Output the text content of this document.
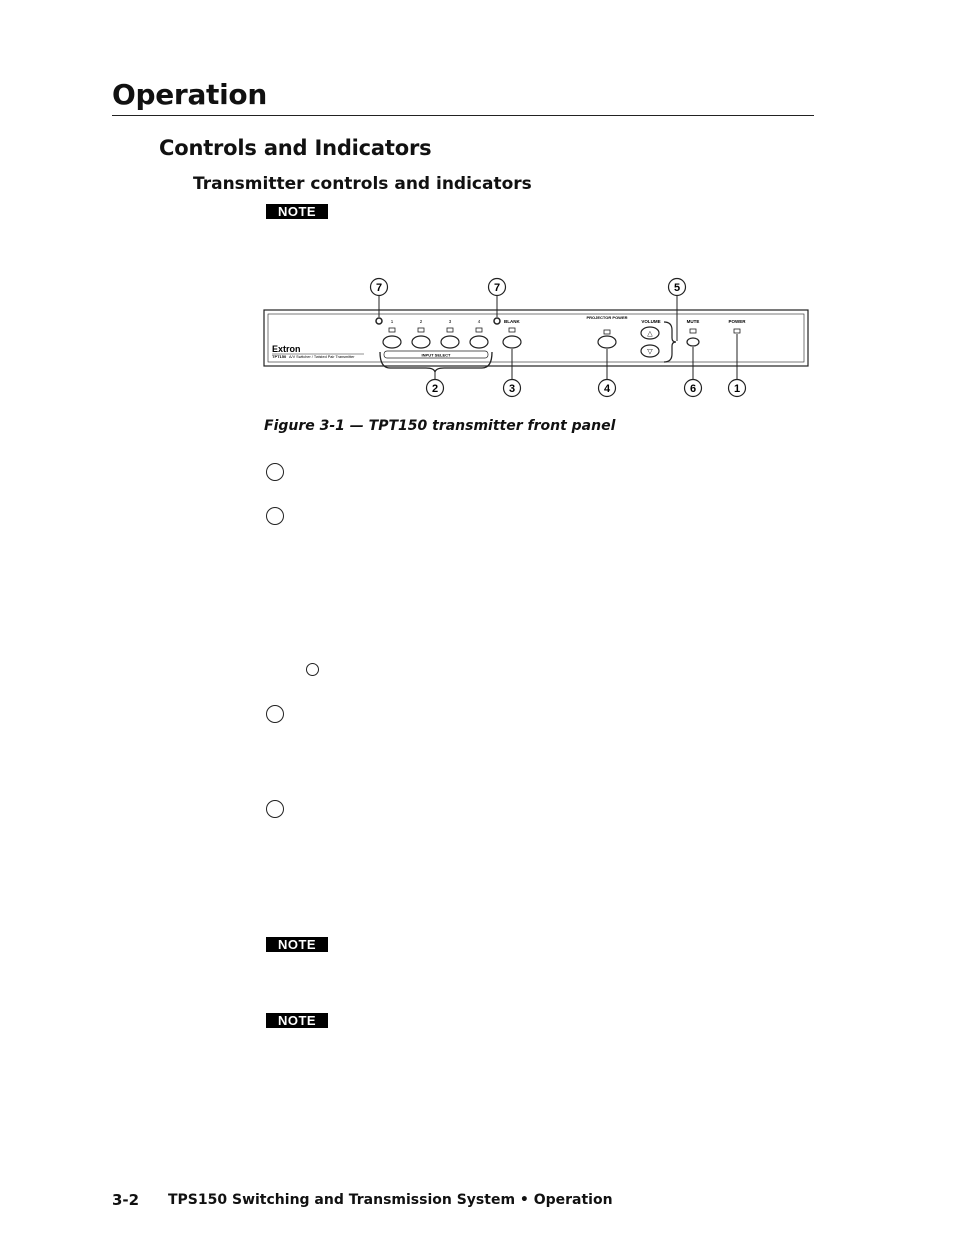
Operation
Controls and Indicators
Transmitter controls and indicators
NOTE
Extron
TPT150 A/V Switcher / Twisted Pair Transmitter
1	2	3	4
INPUT SELECT
BLANK
PROJECTOR POWER
VOLUME
△
▽
MUTE	POWER
7	7	5
2	3	4	6	1
Figure 3-1 — TPT150 transmitter front panel
NOTE
NOTE
3-2 TPS150 Switching and Transmission System • Operation
